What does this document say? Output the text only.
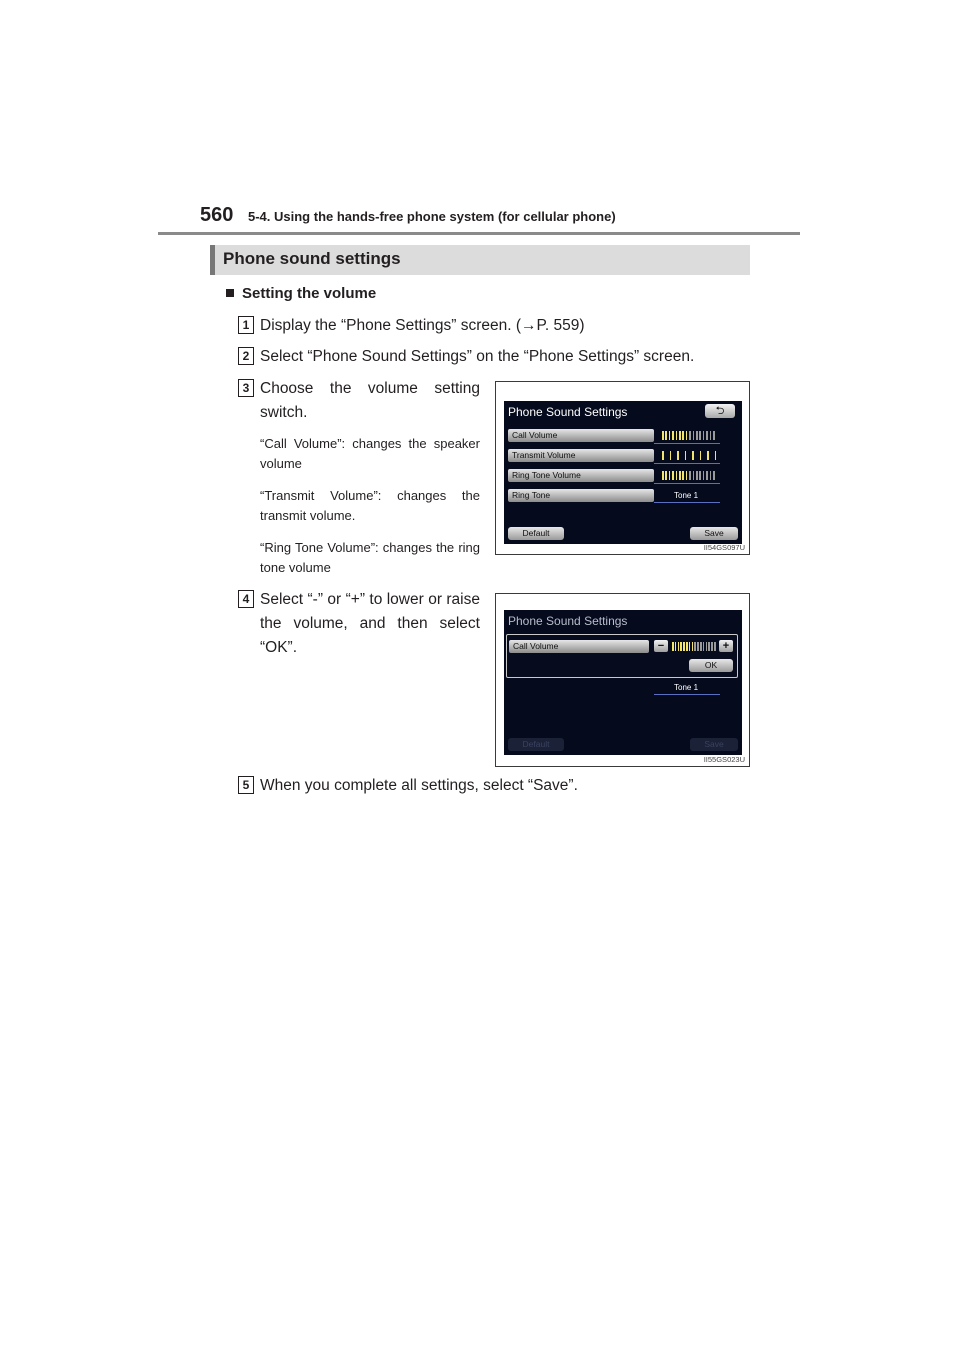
560 5-4. Using the hands-free phone system (for cellular phone)
Phone sound settings
Setting the volume
1 Display the “Phone Settings” screen. (→P. 559)
2 Select “Phone Sound Settings” on the “Phone Settings” screen.
3 Choose the volume setting switch.
“Call Volume”: changes the speaker volume
“Transmit Volume”: changes the transmit volume.
“Ring Tone Volume”: changes the ring tone volume
Phone Sound Settings	⮌
Call Volume
Transmit Volume
Ring Tone Volume
Ring Tone	Tone 1
Default	Save
II54GS097U
4 Select “-” or “+” to lower or raise the volume, and then select “OK”.
Phone Sound Settings

Tone 1
Default	Save
Call Volume	−	+
OK
II55GS023U
5 When you complete all settings, select “Save”.
